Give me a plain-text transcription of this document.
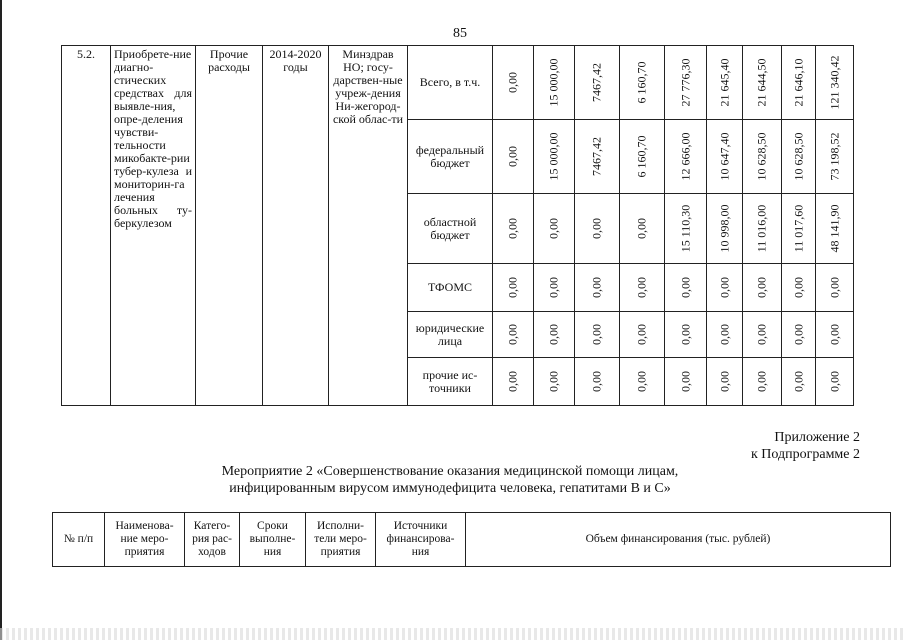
85
5.2.	Приобрете-ние диагно-стических средствах для выявле-ния, опре-деления чувстви-тельности микобакте-рии тубер-кулеза и мониторин-га лечения больных ту-беркулезом	Прочие расходы	2014-2020 годы	Минздрав НО; госу-дарствен-ные учреж-дения Ни-жегород-ской облас-ти	Всего, в т.ч.	0,00	15 000,00	7467,42	6 160,70	27 776,30	21 645,40	21 644,50	21 646,10	121 340,42

					федеральный бюджет	0,00	15 000,00	7467,42	6 160,70	12 666,00	10 647,40	10 628,50	10 628,50	73 198,52

					областной бюджет	0,00	0,00	0,00	0,00	15 110,30	10 998,00	11 016,00	11 017,60	48 141,90

					ТФОМС	0,00	0,00	0,00	0,00	0,00	0,00	0,00	0,00	0,00

					юридические лица	0,00	0,00	0,00	0,00	0,00	0,00	0,00	0,00	0,00

					прочие ис-точники	0,00	0,00	0,00	0,00	0,00	0,00	0,00	0,00	0,00
Приложение 2
к Подпрограмме 2
Мероприятие 2 «Совершенствование оказания медицинской помощи лицам,
инфицированным вирусом иммунодефицита человека, гепатитами В и С»
№ п/п	Наименова-ние меро-приятия	Катего-рия рас-ходов	Сроки выполне-ния	Исполни-тели меро-приятия	Источники финансирова-ния	Объем финансирования (тыс. рублей)
